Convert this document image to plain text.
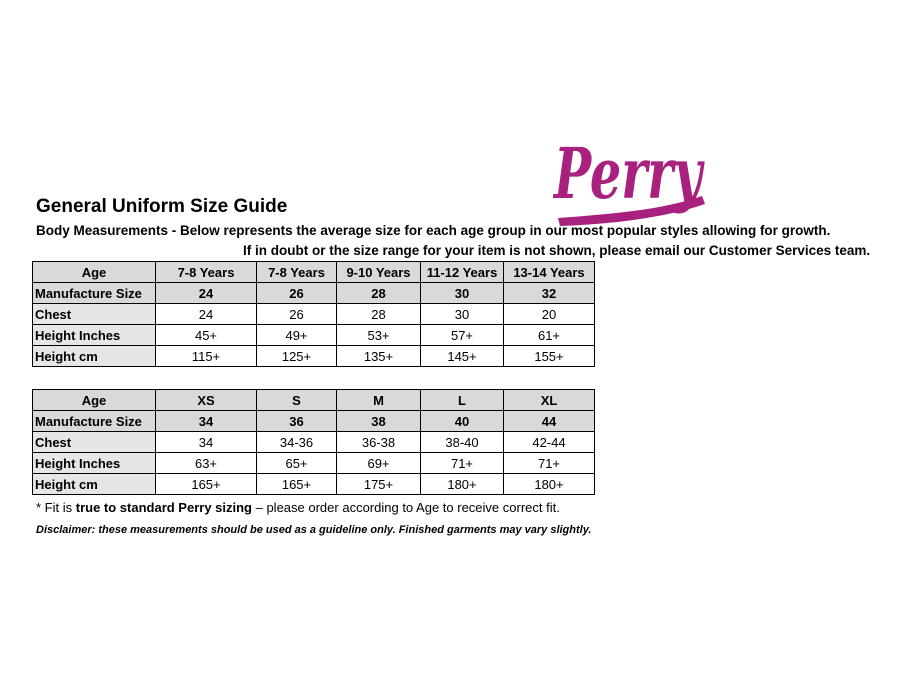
Perry
General Uniform Size Guide
Body Measurements - Below represents the average size for each age group in our most popular styles allowing for growth.
If in doubt or the size range for your item is not shown, please email our Customer Services team.
Age	7-8 Years	7-8 Years	9-10 Years	11-12 Years	13-14 Years
Manufacture Size	24	26	28	30	32
Chest	24	26	28	30	20
Height Inches	45+	49+	53+	57+	61+
Height cm	115+	125+	135+	145+	155+
Age	XS	S	M	L	XL
Manufacture Size	34	36	38	40	44
Chest	34	34-36	36-38	38-40	42-44
Height Inches	63+	65+	69+	71+	71+
Height cm	165+	165+	175+	180+	180+
* Fit is true to standard Perry sizing – please order according to Age to receive correct fit.
Disclaimer: these measurements should be used as a guideline only. Finished garments may vary slightly.
